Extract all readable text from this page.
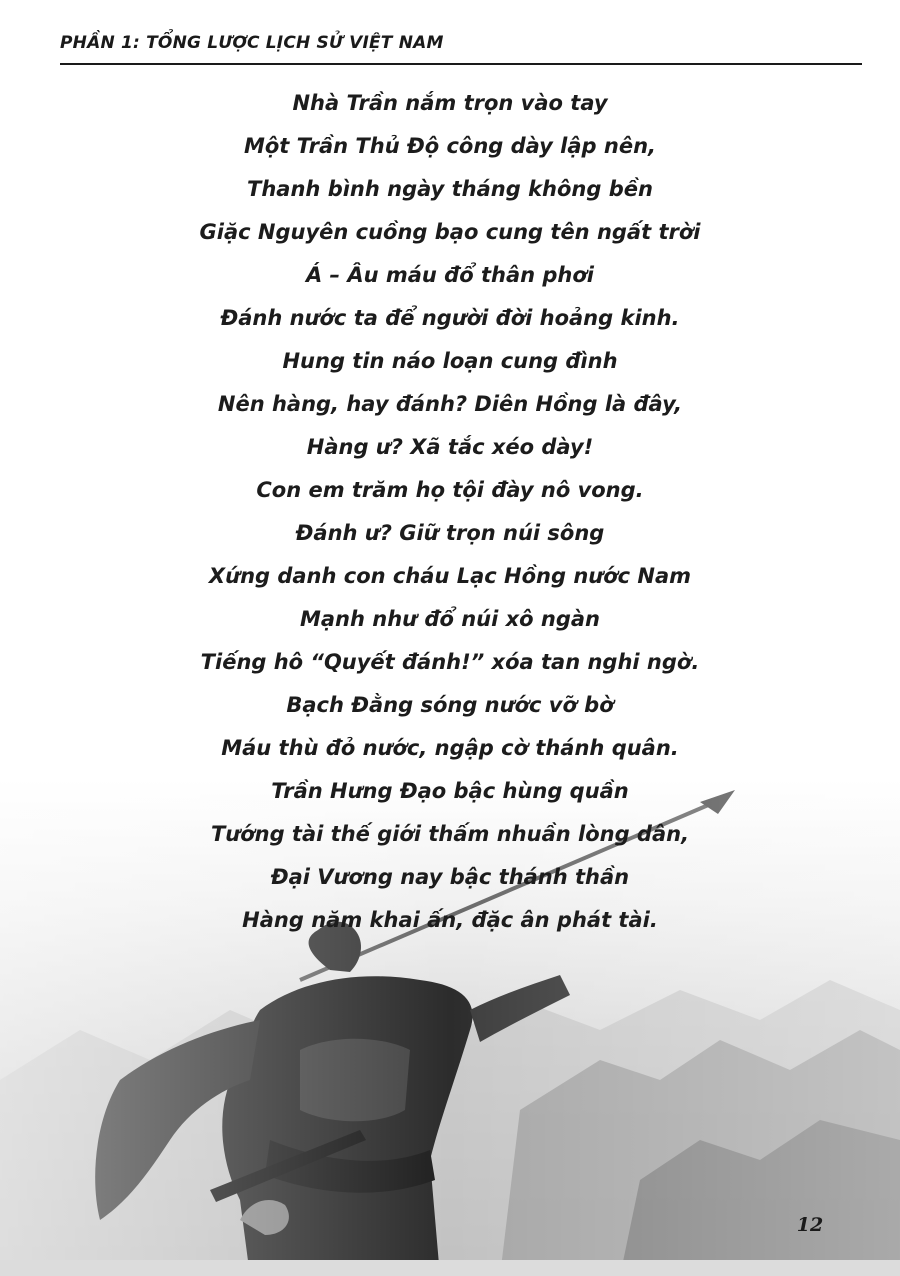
PHẦN 1: TỔNG LƯỢC LỊCH SỬ VIỆT NAM
Nhà Trần nắm trọn vào tay
Một Trần Thủ Độ công dày lập nên,
Thanh bình ngày tháng không bền
Giặc Nguyên cuồng bạo cung tên ngất trời
Á – Âu máu đổ thân phơi
Đánh nước ta để người đời hoảng kinh.
Hung tin náo loạn cung đình
Nên hàng, hay đánh? Diên Hồng là đây,
Hàng ư? Xã tắc xéo dày!
Con em trăm họ tội đày nô vong.
Đánh ư? Giữ trọn núi sông
Xứng danh con cháu Lạc Hồng nước Nam
Mạnh như đổ núi xô ngàn
Tiếng hô “Quyết đánh!” xóa tan nghi ngờ.
Bạch Đằng sóng nước vỡ bờ
Máu thù đỏ nước, ngập cờ thánh quân.
Trần Hưng Đạo bậc hùng quần
Tướng tài thế giới thấm nhuần lòng dân,
Đại Vương nay bậc thánh thần
Hàng năm khai ấn, đặc ân phát tài.
12
